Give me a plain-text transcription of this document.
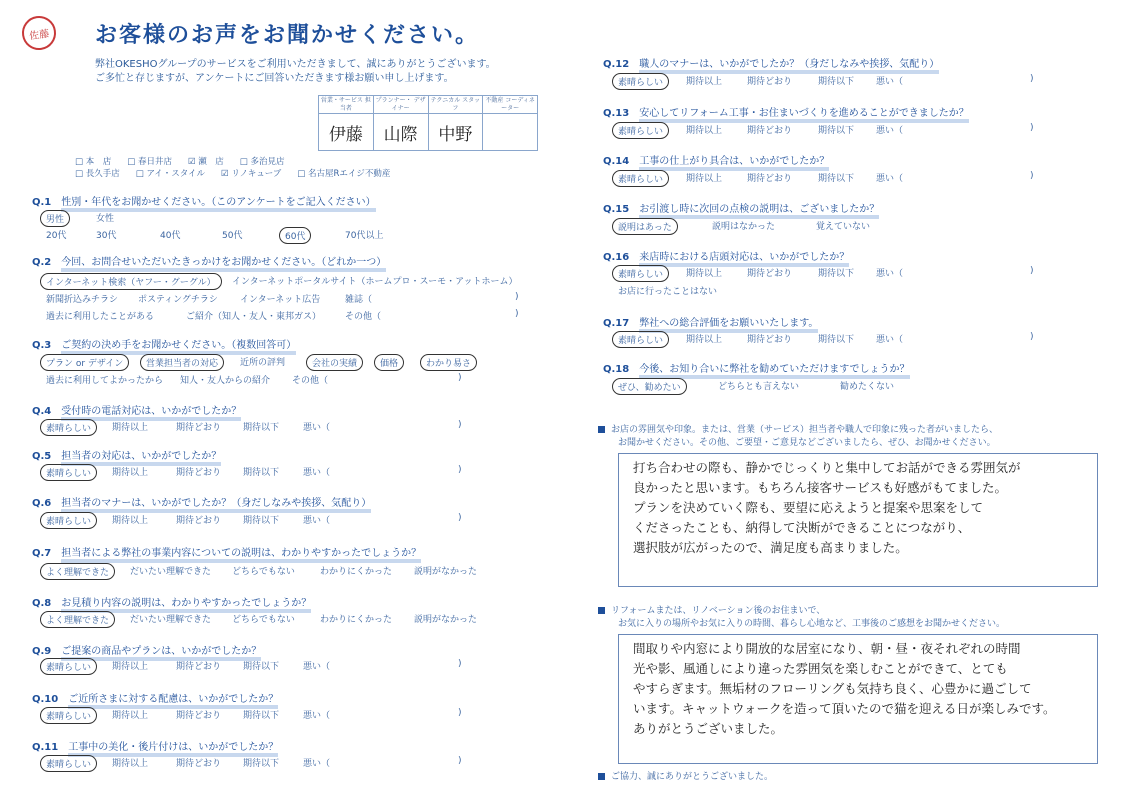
佐藤 お客様のお声をお聞かせください。
弊社OKESHOグループのサービスをご利用いただきまして、誠にありがとうございます。
ご多忙と存じますが、アンケートにご回答いただきます様お願い申し上げます。
営業・サービス 担当者
伊藤
プランナー・ デザイナー
山際
テクニカル スタッフ
中野
不動産 コーディネーター
□ 本　店 □ 春日井店 ☑ 瀬　店 □ 多治見店
□ 長久手店 □ アイ・スタイル ☑ リノキューブ □ 名古屋Rエイジ不動産
Q.1　 性別・年代をお聞かせください。（このアンケートをご記入ください）
男性	女性
20代	30代	40代	50代	60代	70代以上
Q.2　 今回、お問合せいただいたきっかけをお聞かせください。（どれか一つ）
インターネット検索（ヤフー・グーグル）	インターネットポータルサイト（ホームプロ・スーモ・アットホーム）
新聞折込みチラシ ポスティングチラシ インターネット広告	雑誌（	)
過去に利用したことがある	ご紹介（知人・友人・東邦ガス）	その他（	)
Q.3　 ご契約の決め手をお聞かせください。（複数回答可）
プラン or デザイン	営業担当者の対応	近所の評判	会社の実績	価格	わかり易さ
過去に利用してよかったから 知人・友人からの紹介 その他（	)
Q.4　 受付時の電話対応は、いかがでしたか？
素晴らしい	期待以上	期待どおり 期待以下	悪い（	)
Q.5　 担当者の対応は、いかがでしたか？
素晴らしい	期待以上	期待どおり 期待以下	悪い（	)
Q.6　 担当者のマナーは、いかがでしたか？（身だしなみや挨拶、気配り）
素晴らしい	期待以上	期待どおり 期待以下	悪い（	)
Q.7　 担当者による弊社の事業内容についての説明は、わかりやすかったでしょうか？
よく理解できた	だいたい理解できた どちらでもない	わかりにくかった 説明がなかった
Q.8　 お見積り内容の説明は、わかりやすかったでしょうか？
よく理解できた	だいたい理解できた どちらでもない	わかりにくかった 説明がなかった
Q.9　 ご提案の商品やプランは、いかがでしたか？
素晴らしい	期待以上	期待どおり 期待以下	悪い（	)
Q.10　 ご近所さまに対する配慮は、いかがでしたか？
素晴らしい	期待以上	期待どおり 期待以下	悪い（	)
Q.11　 工事中の美化・後片付けは、いかがでしたか？
素晴らしい	期待以上	期待どおり 期待以下	悪い（	)
Q.12　 職人のマナーは、いかがでしたか？（身だしなみや挨拶、気配り）
素晴らしい	期待以上	期待どおり	期待以下 悪い（	)
Q.13　 安心してリフォーム工事・お住まいづくりを進めることができましたか？
素晴らしい	期待以上	期待どおり	期待以下 悪い（	)
Q.14　 工事の仕上がり具合は、いかがでしたか？
素晴らしい	期待以上	期待どおり	期待以下 悪い（	)
Q.15　 お引渡し時に次回の点検の説明は、ございましたか？
説明はあった	説明はなかった	覚えていない
Q.16　 来店時における店頭対応は、いかがでしたか？
素晴らしい	期待以上	期待どおり	期待以下 悪い（	)
お店に行ったことはない
Q.17　 弊社への総合評価をお願いいたします。
素晴らしい	期待以上	期待どおり	期待以下 悪い（	)
Q.18　 今後、お知り合いに弊社を勧めていただけますでしょうか？
ぜひ、勧めたい	どちらとも言えない	勧めたくない
お店の雰囲気や印象。または、営業（サービス）担当者や職人で印象に残った者がいましたら、
お聞かせください。その他、ご要望・ご意見などございましたら、ぜひ、お聞かせください。
打ち合わせの際も、静かでじっくりと集中してお話ができる雰囲気が
良かったと思います。もちろん接客サービスも好感がもてました。
プランを決めていく際も、要望に応えようと提案や思案をして
くださったことも、納得して決断ができることにつながり、
選択肢が広がったので、満足度も高まりました。
リフォームまたは、リノベーション後のお住まいで、
お気に入りの場所やお気に入りの時間、暮らし心地など、工事後のご感想をお聞かせください。
間取りや内窓により開放的な居室になり、朝・昼・夜それぞれの時間
光や影、風通しにより違った雰囲気を楽しむことができて、とても
やすらぎます。無垢材のフローリングも気持ち良く、心豊かに過ごして
います。キャットウォークを造って頂いたので猫を迎える日が楽しみです。
ありがとうございました。
ご協力、誠にありがとうございました。
